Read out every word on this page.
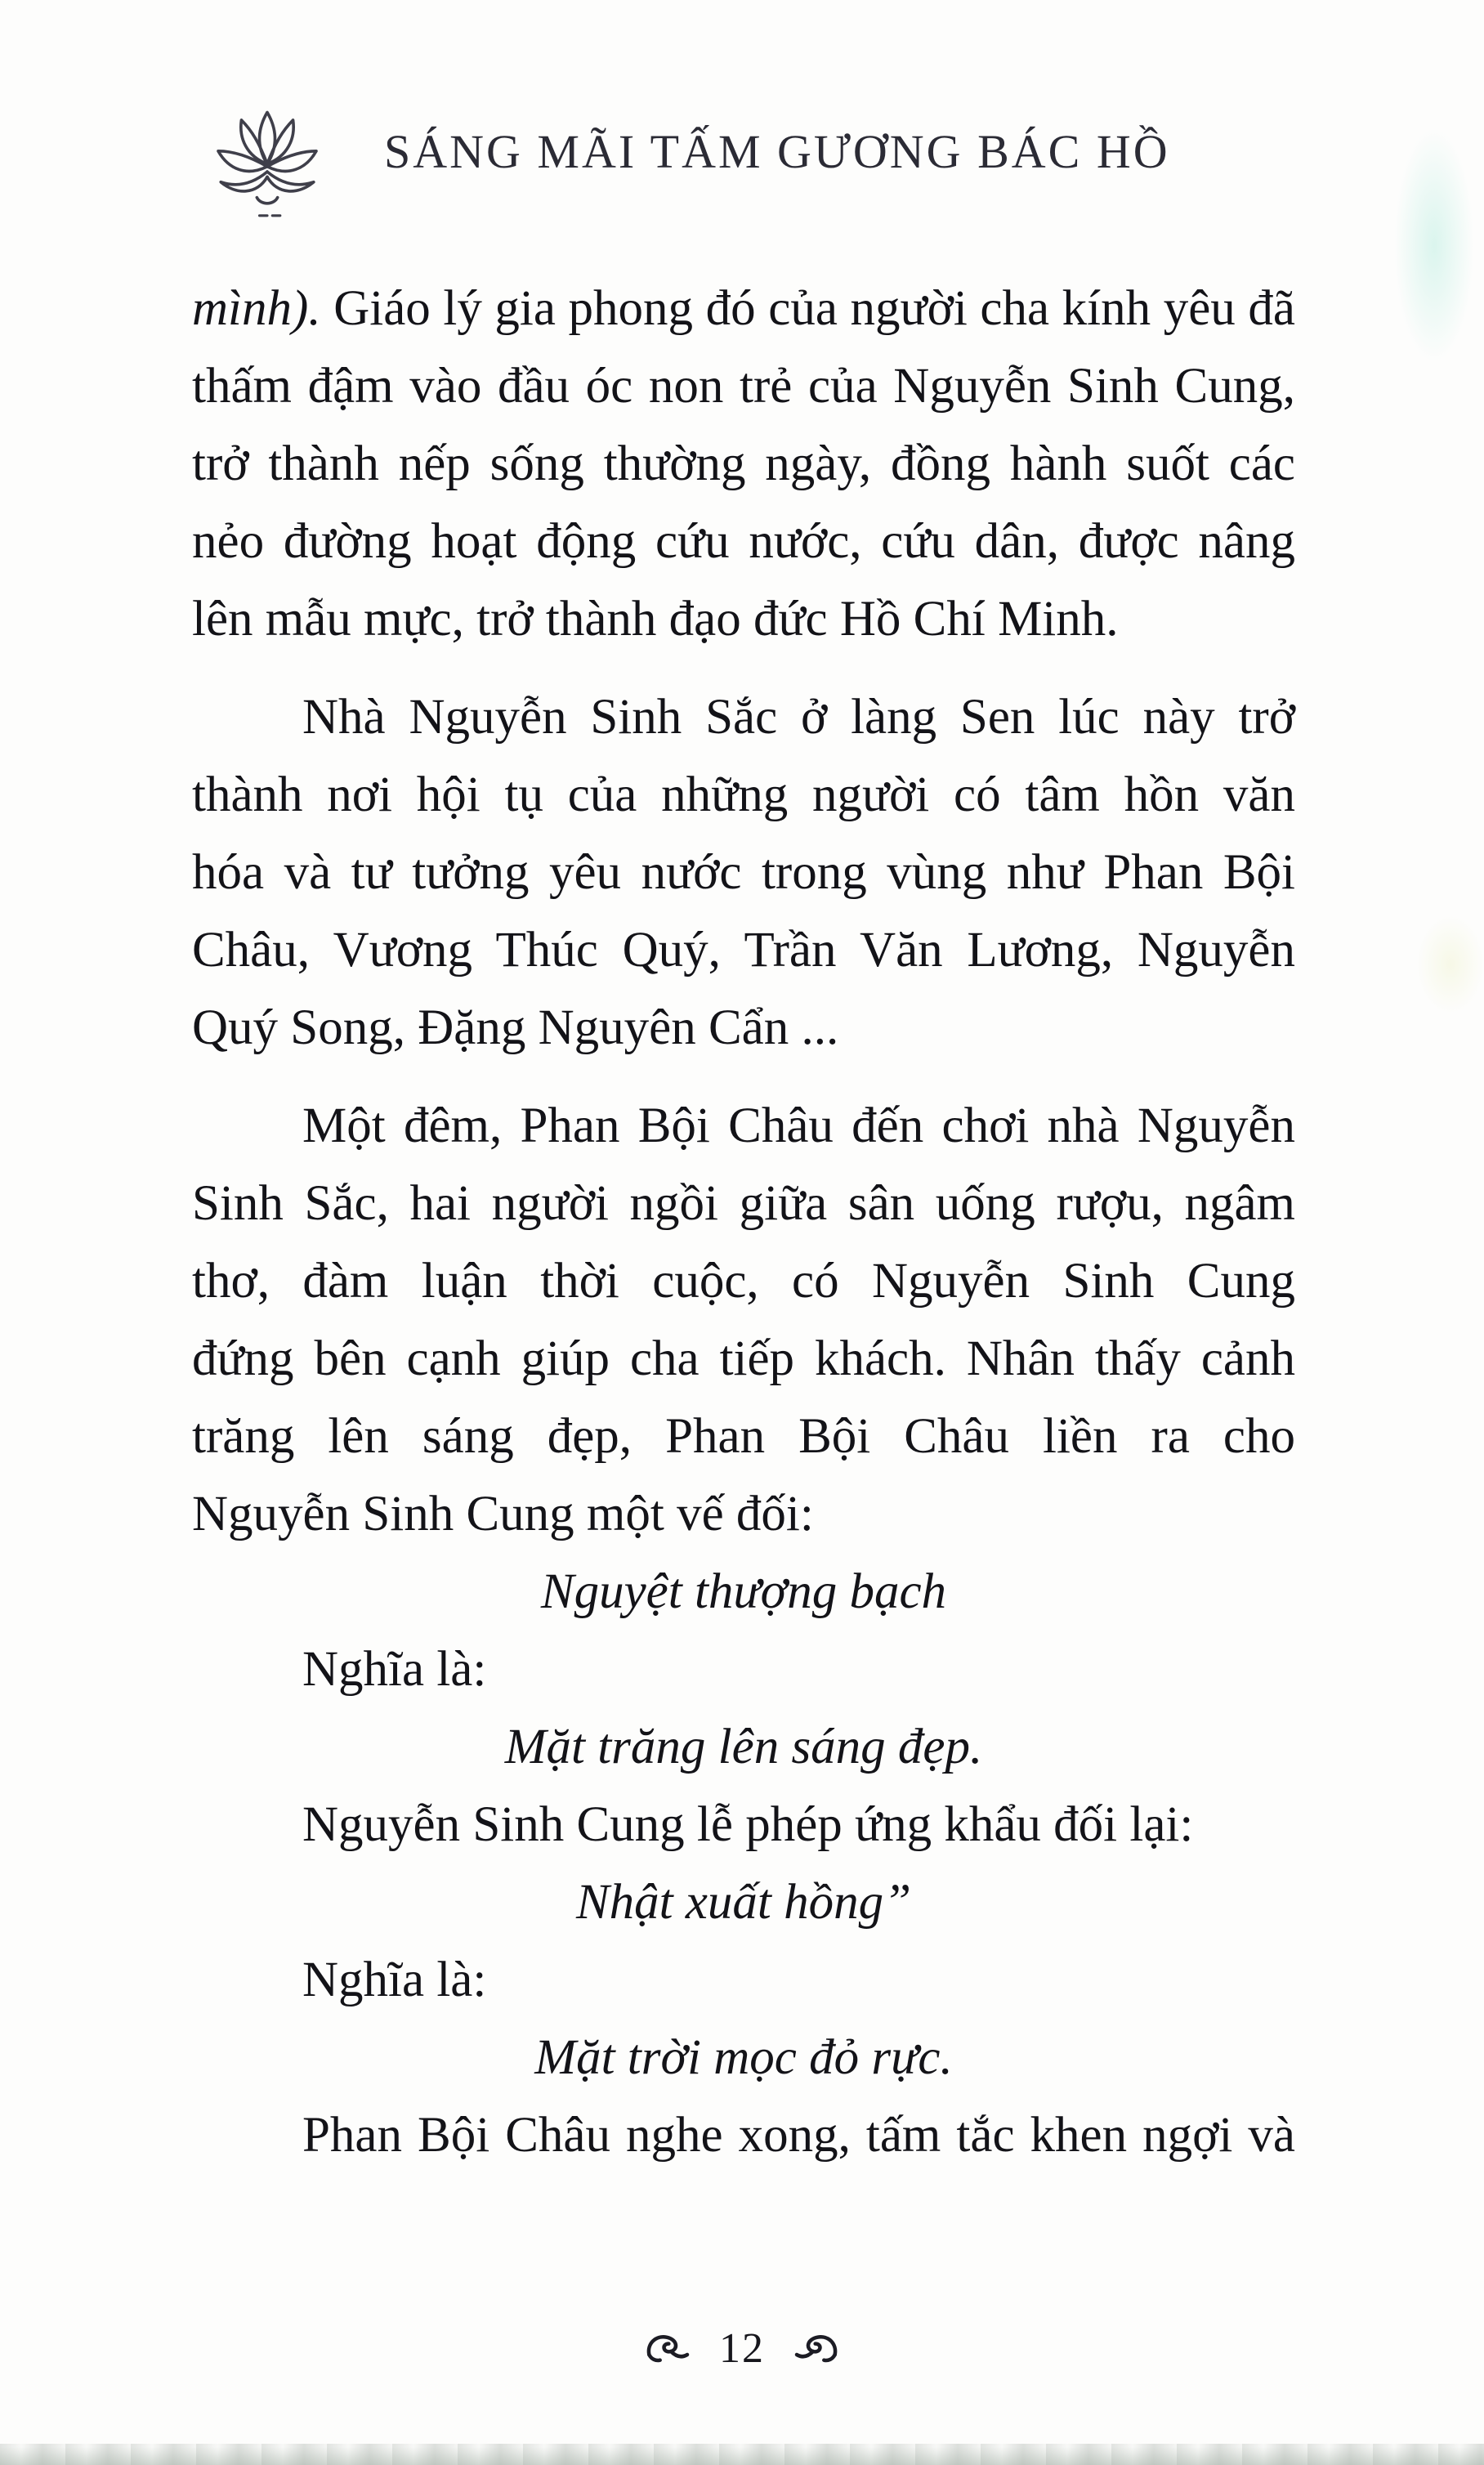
SÁNG MÃI TẤM GƯƠNG BÁC HỒ
mình). Giáo lý gia phong đó của người cha kính yêu đã
thấm đậm vào đầu óc non trẻ của Nguyễn Sinh Cung,
trở thành nếp sống thường ngày, đồng hành suốt các
nẻo đường hoạt động cứu nước, cứu dân, được nâng
lên mẫu mực, trở thành đạo đức Hồ Chí Minh.
Nhà Nguyễn Sinh Sắc ở làng Sen lúc này trở
thành nơi hội tụ của những người có tâm hồn văn
hóa và tư tưởng yêu nước trong vùng như Phan Bội
Châu, Vương Thúc Quý, Trần Văn Lương, Nguyễn
Quý Song, Đặng Nguyên Cẩn ...
Một đêm, Phan Bội Châu đến chơi nhà Nguyễn
Sinh Sắc, hai người ngồi giữa sân uống rượu, ngâm
thơ, đàm luận thời cuộc, có Nguyễn Sinh Cung
đứng bên cạnh giúp cha tiếp khách. Nhân thấy cảnh
trăng lên sáng đẹp, Phan Bội Châu liền ra cho
Nguyễn Sinh Cung một vế đối:
Nguyệt thượng bạch
Nghĩa là:
Mặt trăng lên sáng đẹp.
Nguyễn Sinh Cung lễ phép ứng khẩu đối lại:
Nhật xuất hồng”
Nghĩa là:
Mặt trời mọc đỏ rực.
Phan Bội Châu nghe xong, tấm tắc khen ngợi và
12
